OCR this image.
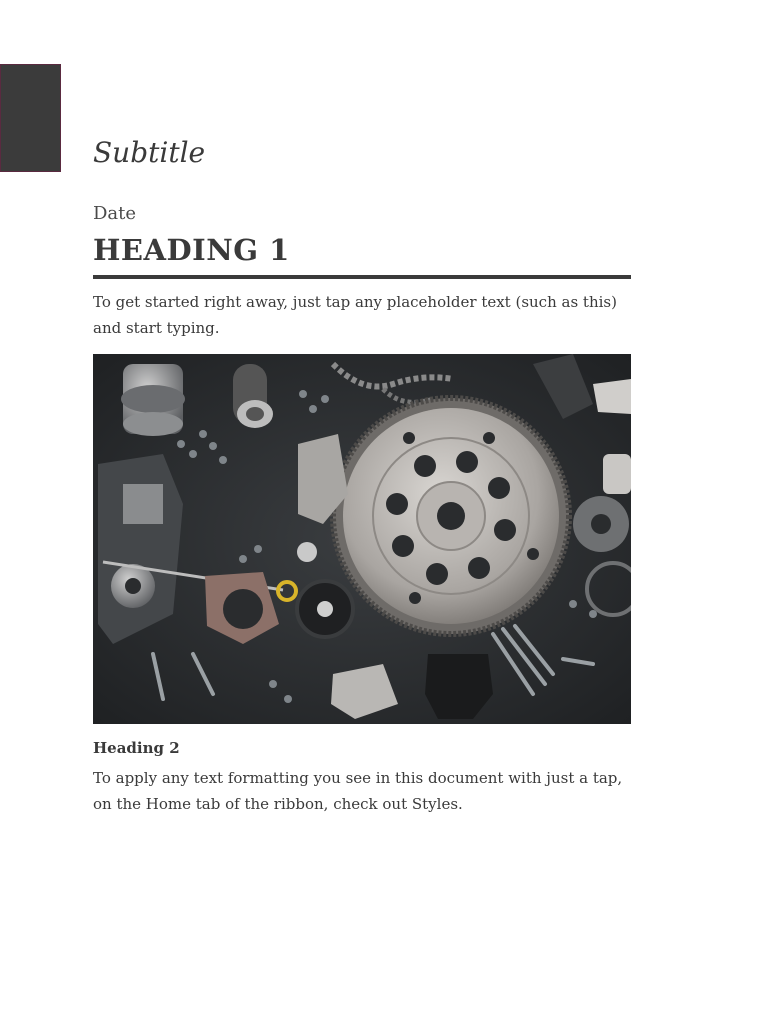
Subtitle
Date
HEADING 1

To get started right away, just tap any placeholder text (such as this) and start typing.

Heading 2

To apply any text formatting you see in this document with just a tap, on the Home tab of the ribbon, check out Styles.
